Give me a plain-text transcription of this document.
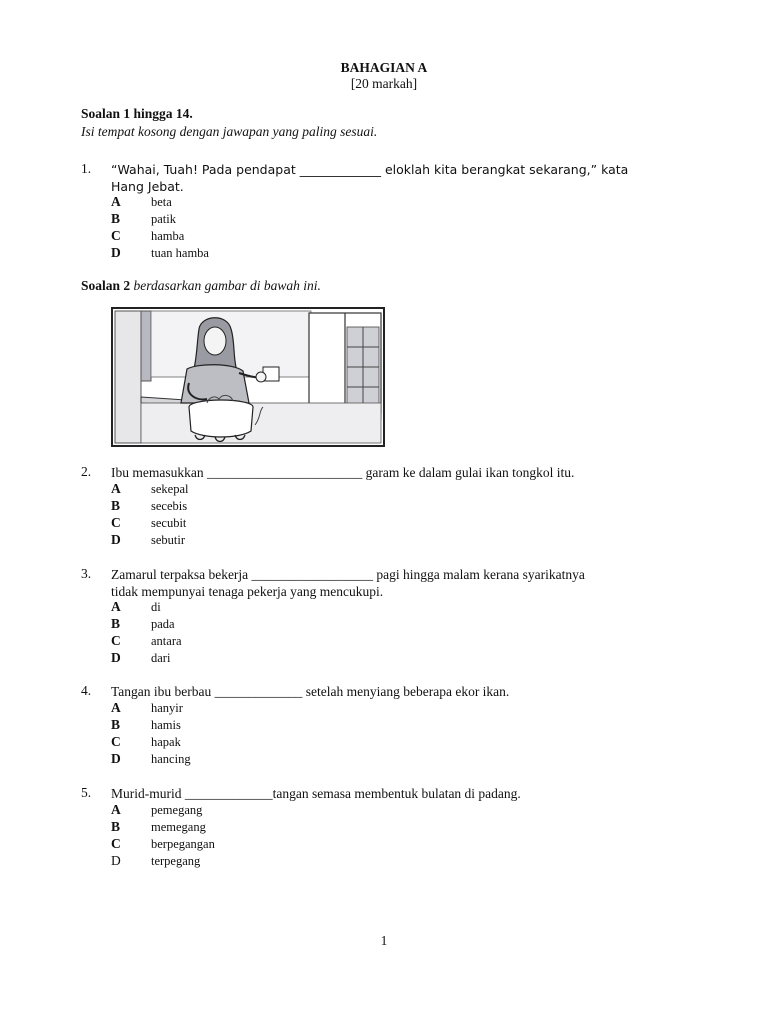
BAHAGIAN A
[20 markah]
Soalan 1 hingga 14.
Isi tempat kosong dengan jawapan yang paling sesuai.
1. “Wahai, Tuah! Pada pendapat _____________ eloklah kita berangkat sekarang,” kata
Hang Jebat.
A beta
B patik
C hamba
D tuan hamba
Soalan 2 berdasarkan gambar di bawah ini.
2. Ibu memasukkan _______________________ garam ke dalam gulai ikan tongkol itu.
A sekepal
B secebis
C secubit
D sebutir
3. Zamarul terpaksa bekerja __________________ pagi hingga malam kerana syarikatnya
tidak mempunyai tenaga pekerja yang mencukupi.
A di
B pada
C antara
D dari
4. Tangan ibu berbau _____________ setelah menyiang beberapa ekor ikan.
A hanyir
B hamis
C hapak
D hancing
5. Murid-murid _____________tangan semasa membentuk bulatan di padang.
A pemegang
B memegang
C berpegangan
D terpegang
1
